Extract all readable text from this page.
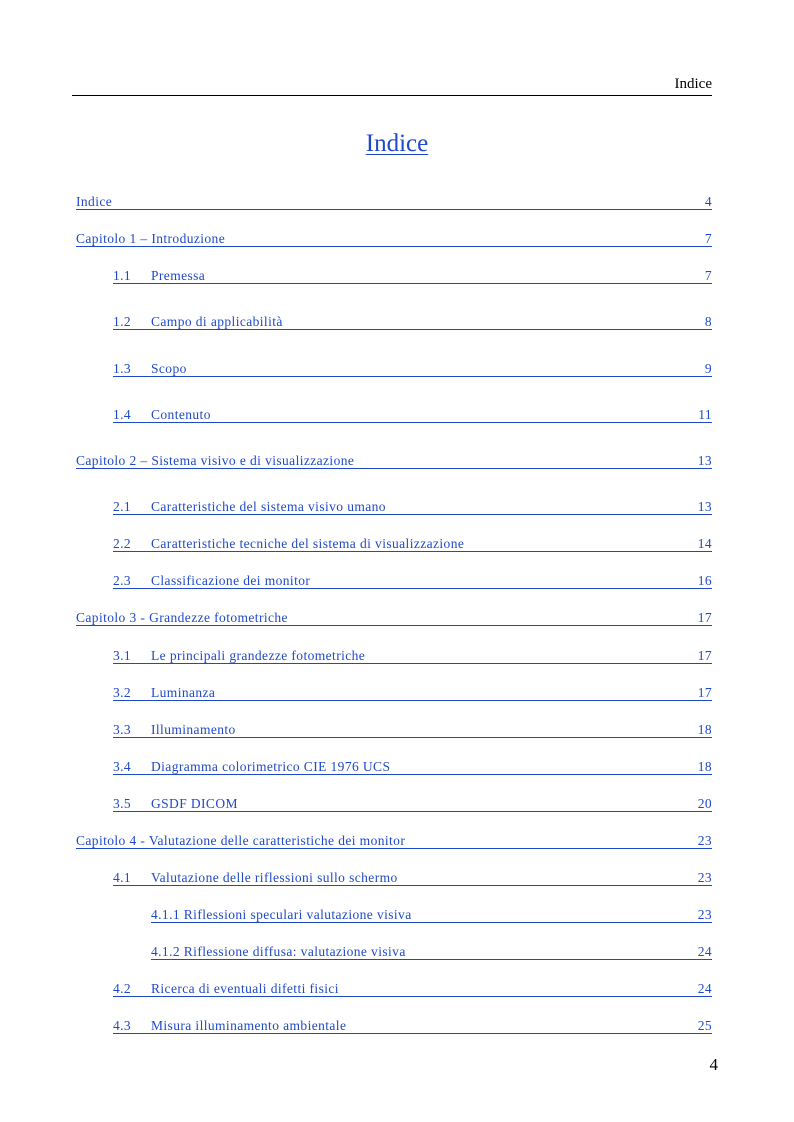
Indice
Indice
Indice	4
Capitolo 1 – Introduzione	7
1.1	Premessa	7
1.2	Campo di applicabilità	8
1.3	Scopo	9
1.4	Contenuto	11
Capitolo 2 – Sistema visivo e di visualizzazione	13
2.1	Caratteristiche del sistema visivo umano	13
2.2	Caratteristiche tecniche del sistema di visualizzazione	14
2.3	Classificazione dei monitor	16
Capitolo 3 - Grandezze fotometriche	17
3.1	Le principali grandezze fotometriche	17
3.2	Luminanza	17
3.3	Illuminamento	18
3.4	Diagramma colorimetrico CIE 1976 UCS	18
3.5	GSDF DICOM	20
Capitolo 4 - Valutazione delle caratteristiche dei monitor	23
4.1	Valutazione delle riflessioni sullo schermo	23
4.1.1 Riflessioni speculari valutazione visiva	23
4.1.2 Riflessione diffusa: valutazione visiva	24
4.2	Ricerca di eventuali difetti fisici	24
4.3	Misura illuminamento ambientale	25
4
